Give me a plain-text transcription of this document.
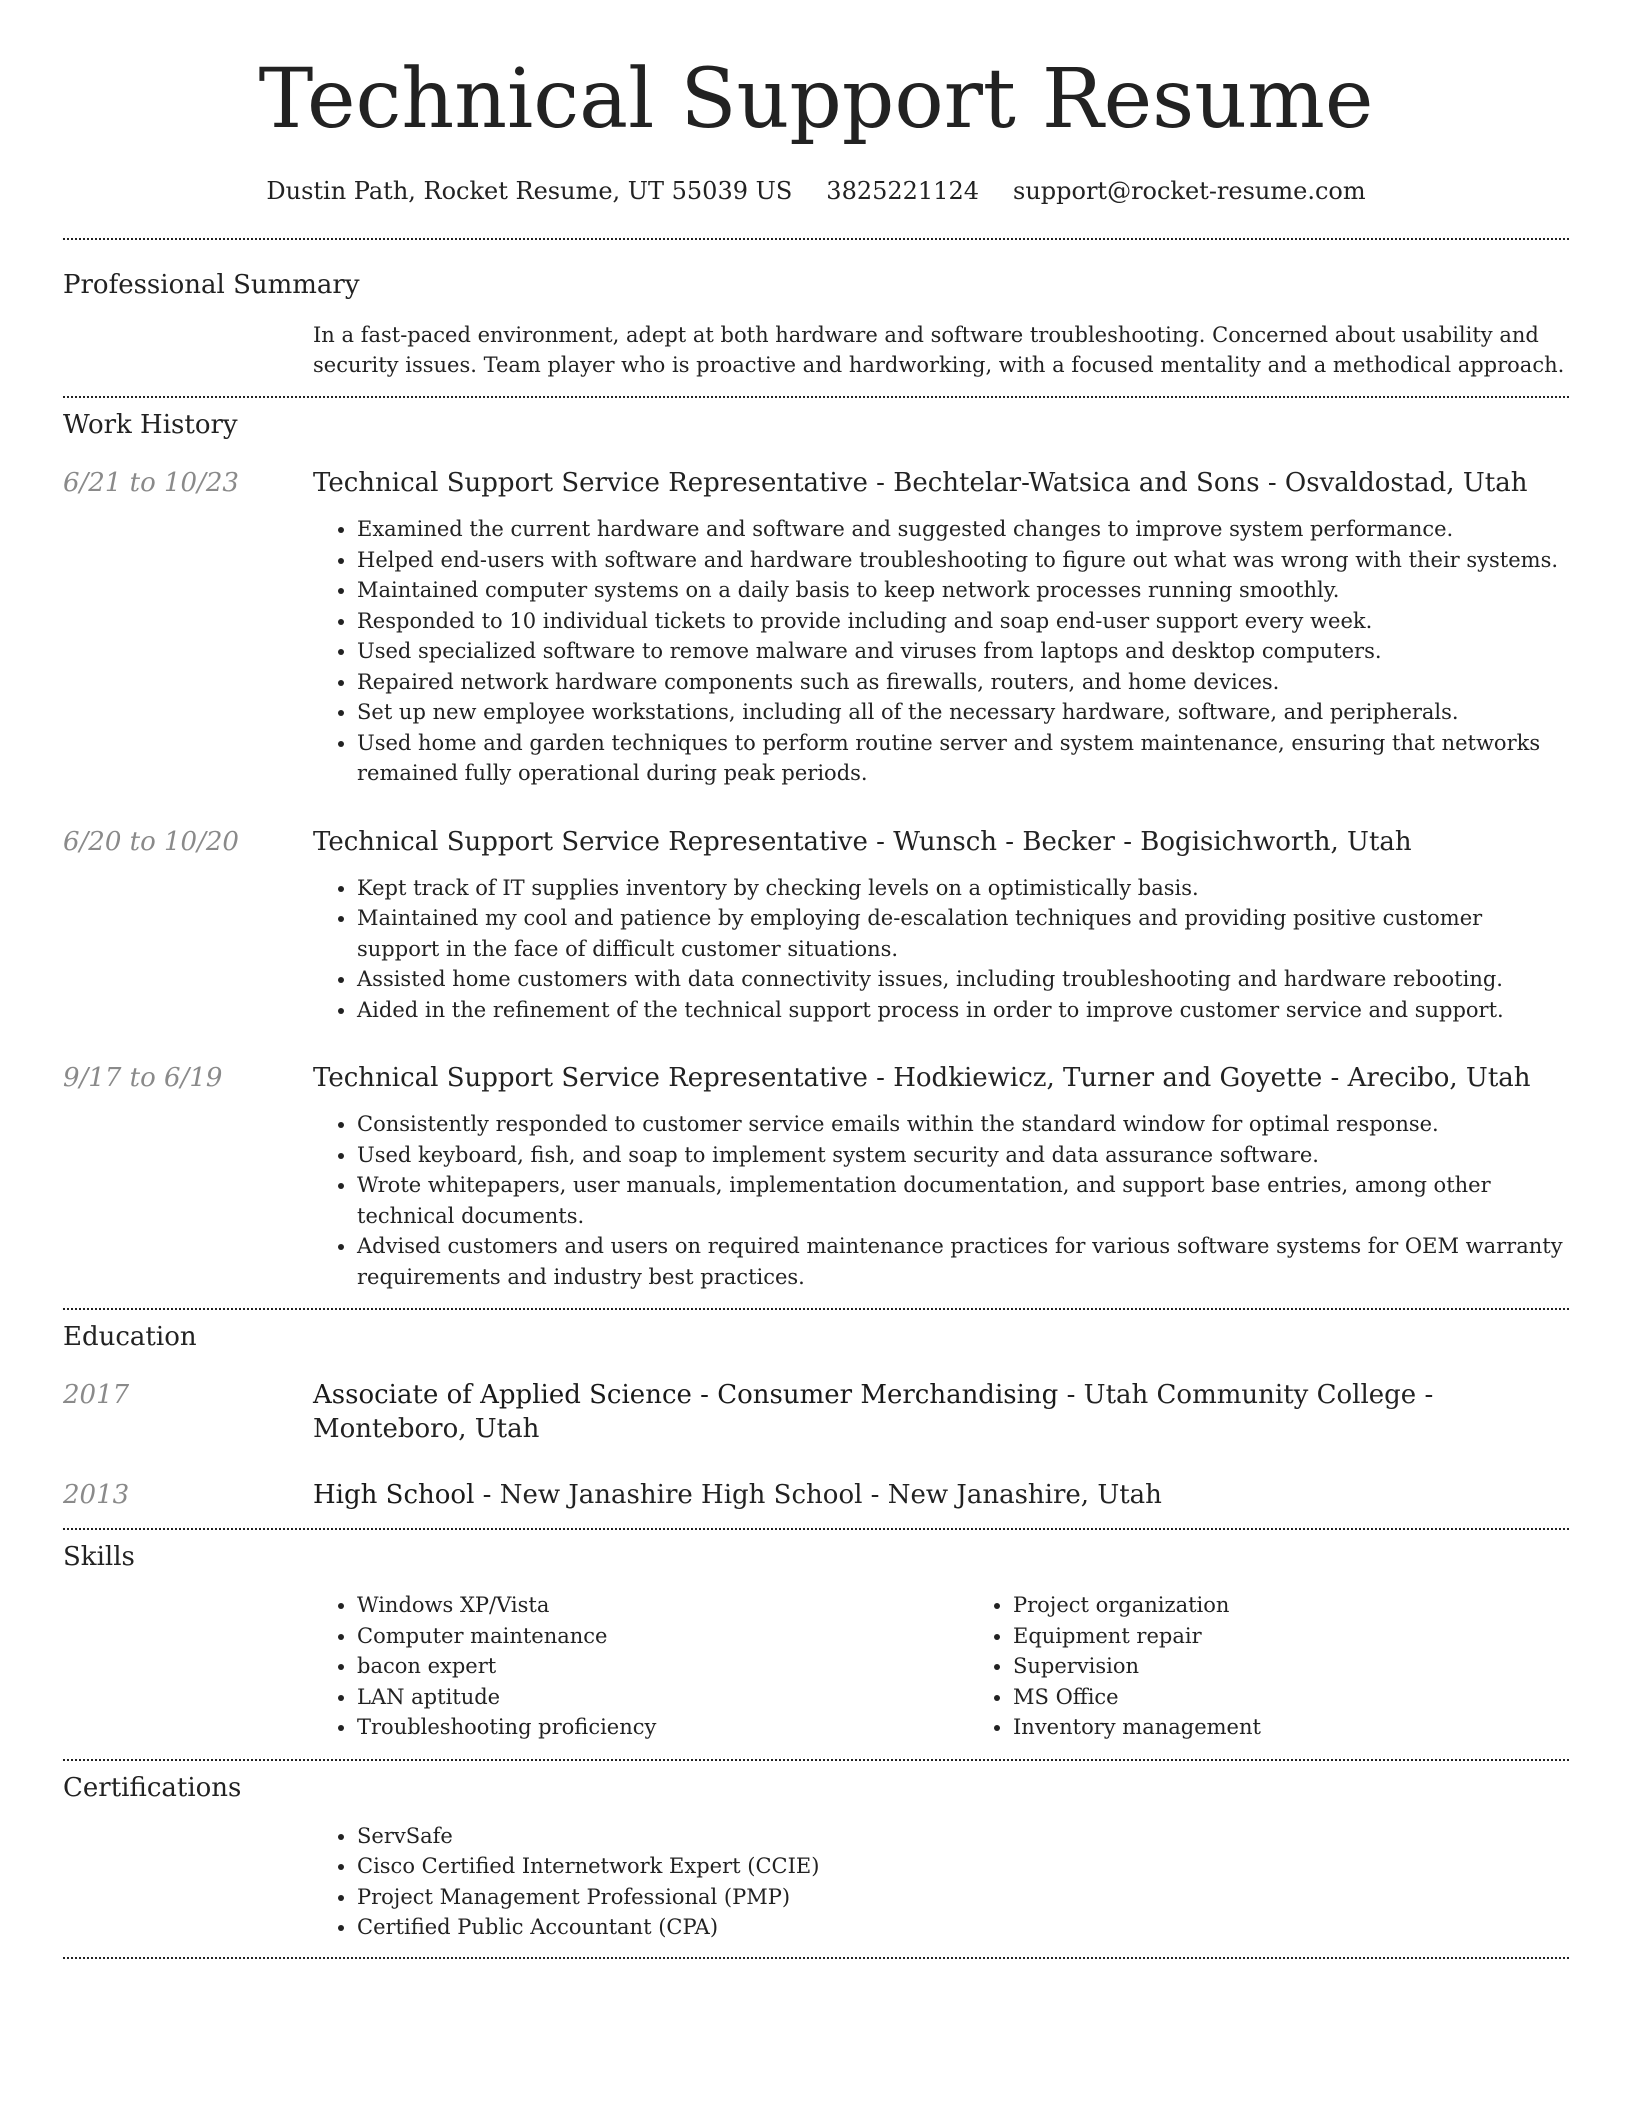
Technical Support Resume
Dustin Path, Rocket Resume, UT 55039 US 3825221124 support@rocket-resume.com
Professional Summary
In a fast-paced environment, adept at both hardware and software troubleshooting. Concerned about usability and security issues. Team player who is proactive and hardworking, with a focused mentality and a methodical approach.
Work History
6/21 to 10/23	Technical Support Service Representative - Bechtelar-Watsica and Sons - Osvaldostad, Utah
• Examined the current hardware and software and suggested changes to improve system performance.
• Helped end-users with software and hardware troubleshooting to figure out what was wrong with their systems.
• Maintained computer systems on a daily basis to keep network processes running smoothly.
• Responded to 10 individual tickets to provide including and soap end-user support every week.
• Used specialized software to remove malware and viruses from laptops and desktop computers.
• Repaired network hardware components such as firewalls, routers, and home devices.
• Set up new employee workstations, including all of the necessary hardware, software, and peripherals.
• Used home and garden techniques to perform routine server and system maintenance, ensuring that networks remained fully operational during peak periods.
6/20 to 10/20	Technical Support Service Representative - Wunsch - Becker - Bogisichworth, Utah
• Kept track of IT supplies inventory by checking levels on a optimistically basis.
• Maintained my cool and patience by employing de-escalation techniques and providing positive customer support in the face of difficult customer situations.
• Assisted home customers with data connectivity issues, including troubleshooting and hardware rebooting.
• Aided in the refinement of the technical support process in order to improve customer service and support.
9/17 to 6/19	Technical Support Service Representative - Hodkiewicz, Turner and Goyette - Arecibo, Utah
• Consistently responded to customer service emails within the standard window for optimal response.
• Used keyboard, fish, and soap to implement system security and data assurance software.
• Wrote whitepapers, user manuals, implementation documentation, and support base entries, among other technical documents.
• Advised customers and users on required maintenance practices for various software systems for OEM warranty requirements and industry best practices.
Education
2017	Associate of Applied Science - Consumer Merchandising - Utah Community College - Monteboro, Utah
2013	High School - New Janashire High School - New Janashire, Utah
Skills
• Windows XP/Vista
• Computer maintenance
• bacon expert
• LAN aptitude
• Troubleshooting proficiency
• Project organization
• Equipment repair
• Supervision
• MS Office
• Inventory management
Certifications
• ServSafe
• Cisco Certified Internetwork Expert (CCIE)
• Project Management Professional (PMP)
• Certified Public Accountant (CPA)
